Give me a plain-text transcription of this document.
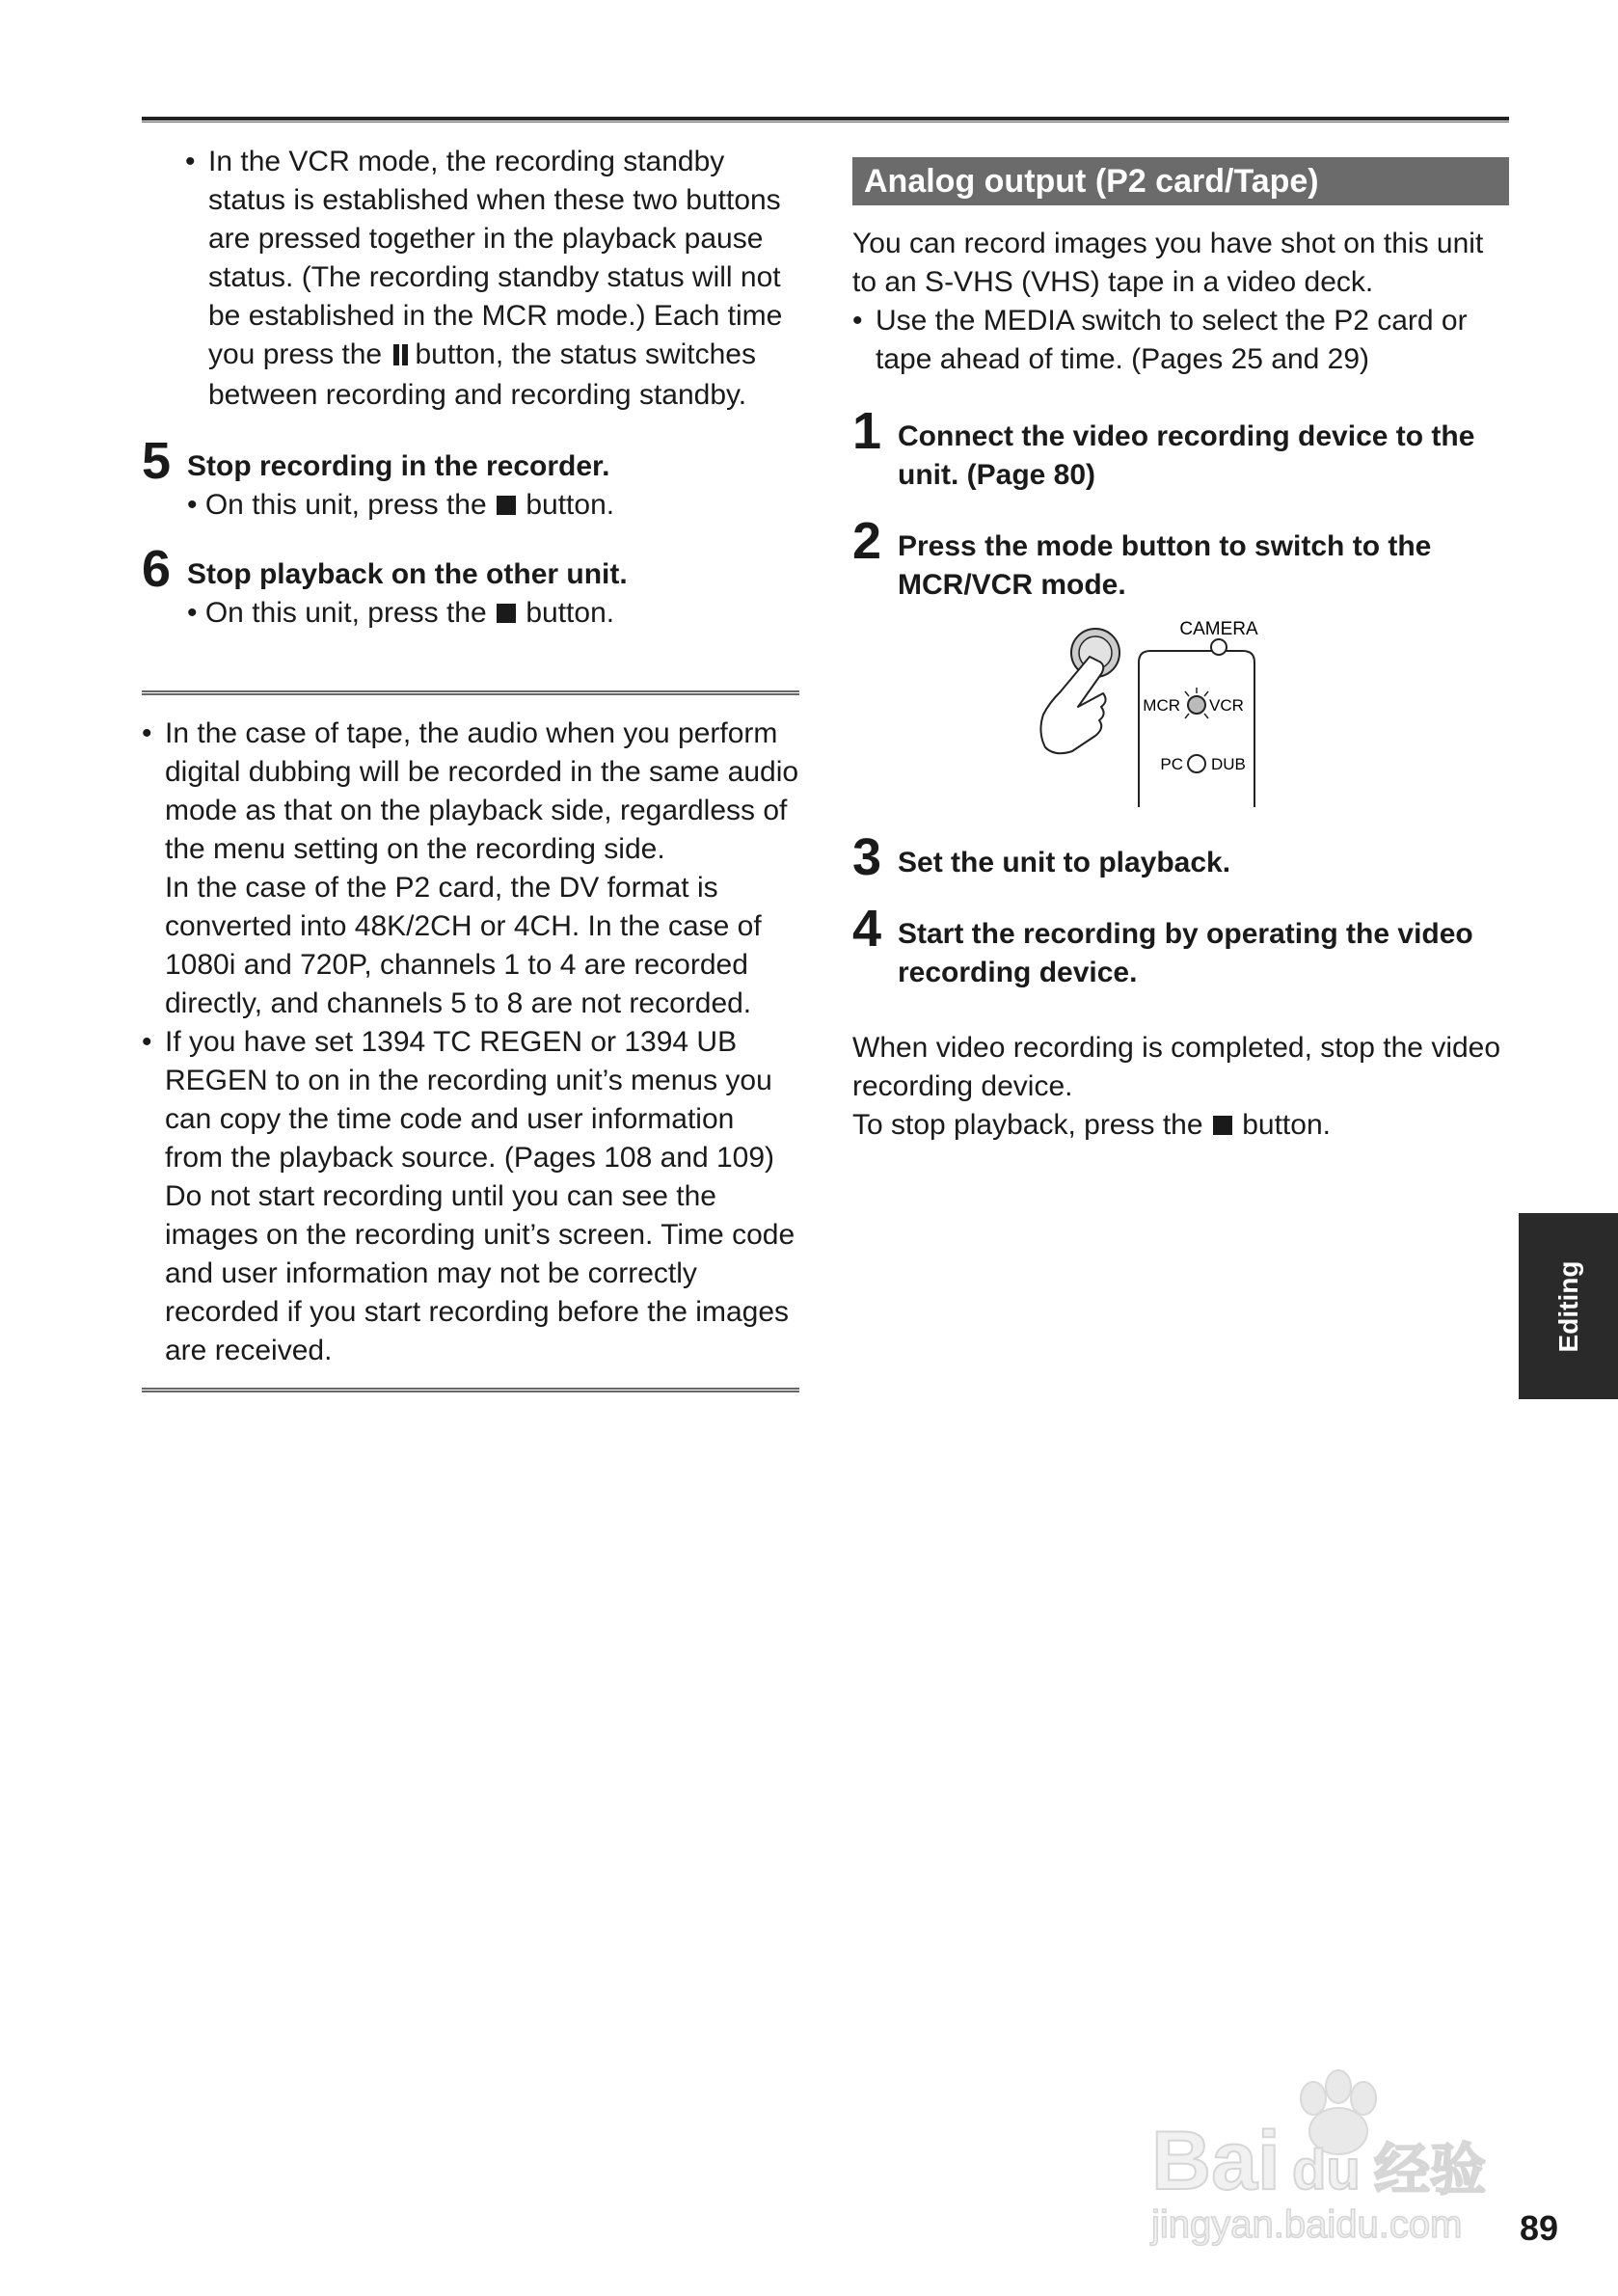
• In the VCR mode, the recording standby status is established when these two buttons are pressed together in the playback pause status. (The recording standby status will not be established in the MCR mode.) Each time you press the button, the status switches between recording and recording standby.
5 Stop recording in the recorder.
• On this unit, press the button.
6 Stop playback on the other unit.
• On this unit, press the button.
• In the case of tape, the audio when you perform digital dubbing will be recorded in the same audio mode as that on the playback side, regardless of the menu setting on the recording side.
In the case of the P2 card, the DV format is converted into 48K/2CH or 4CH. In the case of 1080i and 720P, channels 1 to 4 are recorded directly, and channels 5 to 8 are not recorded.
• If you have set 1394 TC REGEN or 1394 UB REGEN to on in the recording unit’s menus you can copy the time code and user information from the playback source. (Pages 108 and 109)
Do not start recording until you can see the images on the recording unit’s screen. Time code and user information may not be correctly recorded if you start recording before the images are received.
Analog output (P2 card/Tape)
You can record images you have shot on this unit to an S-VHS (VHS) tape in a video deck.
• Use the MEDIA switch to select the P2 card or tape ahead of time. (Pages 25 and 29)
1 Connect the video recording device to the unit. (Page 80)
2 Press the mode button to switch to the MCR/VCR mode.
CAMERA
MCR VCR
PC DUB
3 Set the unit to playback.
4 Start the recording by operating the video recording device.
When video recording is completed, stop the video recording device.
To stop playback, press the button.
Editing
Bai du 经验
jingyan.baidu.com 89
